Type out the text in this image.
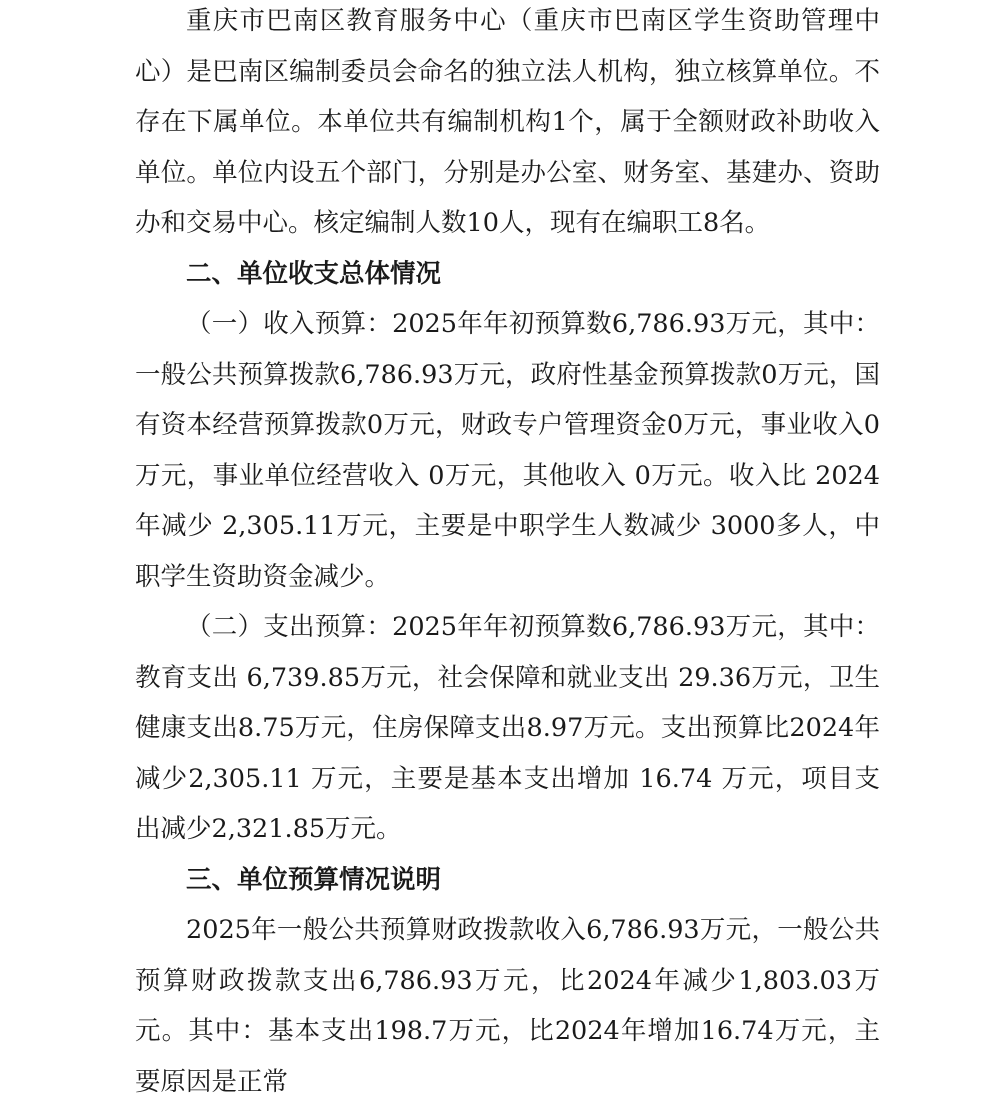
重庆市巴南区教育服务中心（重庆市巴南区学生资助管理中心）是巴南区编制委员会命名的独立法人机构，独立核算单位。不存在下属单位。本单位共有编制机构1个，属于全额财政补助收入单位。单位内设五个部门，分别是办公室、财务室、基建办、资助办和交易中心。核定编制人数10人，现有在编职工8名。

二、单位收支总体情况

（一）收入预算：2025年年初预算数6,786.93万元，其中：一般公共预算拨款6,786.93万元，政府性基金预算拨款0万元，国有资本经营预算拨款0万元，财政专户管理资金0万元，事业收入0万元，事业单位经营收入 0万元，其他收入 0万元。收入比 2024年减少 2,305.11万元，主要是中职学生人数减少 3000多人，中职学生资助资金减少。

（二）支出预算：2025年年初预算数6,786.93万元，其中：教育支出 6,739.85万元，社会保障和就业支出 29.36万元，卫生健康支出8.75万元，住房保障支出8.97万元。支出预算比2024年减少2,305.11 万元，主要是基本支出增加 16.74 万元，项目支出减少2,321.85万元。

三、单位预算情况说明

2025年一般公共预算财政拨款收入6,786.93万元，一般公共预算财政拨款支出6,786.93万元，比2024年减少1,803.03万元。其中：基本支出198.7万元，比2024年增加16.74万元，主要原因是正常
